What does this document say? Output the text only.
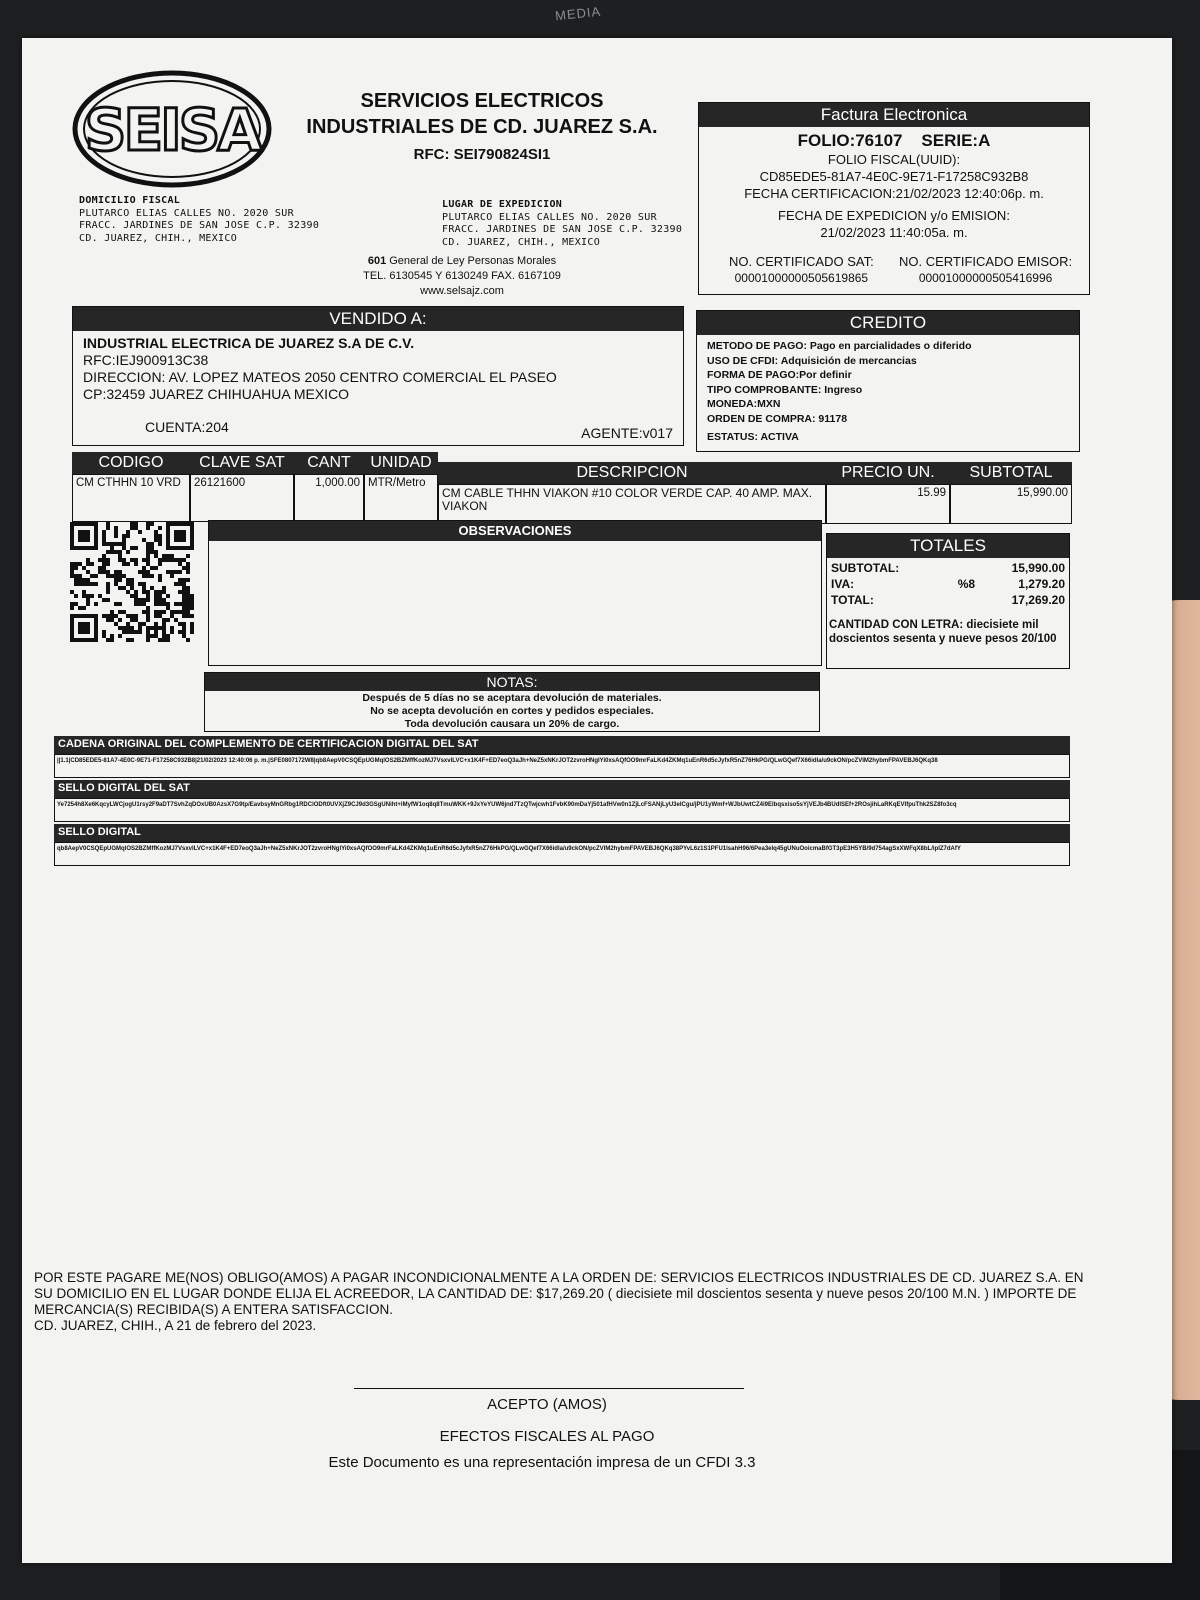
MEDIA
SEISA	SERVICIOS ELECTRICOS
INDUSTRIALES DE CD. JUAREZ S.A.
RFC: SEI790824SI1
DOMICILIO FISCAL
PLUTARCO ELIAS CALLES NO. 2020 SUR
FRACC. JARDINES DE SAN JOSE C.P. 32390
CD. JUAREZ, CHIH., MEXICO
LUGAR DE EXPEDICION
PLUTARCO ELIAS CALLES NO. 2020 SUR
FRACC. JARDINES DE SAN JOSE C.P. 32390
CD. JUAREZ, CHIH., MEXICO
601 General de Ley Personas Morales
TEL. 6130545 Y 6130249 FAX. 6167109
www.selsajz.com
Factura Electronica
FOLIO:76107 SERIE:A
FOLIO FISCAL(UUID):
CD85EDE5-81A7-4E0C-9E71-F17258C932B8
FECHA CERTIFICACION:21/02/2023 12:40:06p. m.
FECHA DE EXPEDICION y/o EMISION:
21/02/2023 11:40:05a. m.
NO. CERTIFICADO SAT:
00001000000505619865
NO. CERTIFICADO EMISOR:
00001000000505416996
VENDIDO A:
INDUSTRIAL ELECTRICA DE JUAREZ S.A DE C.V.
RFC:IEJ900913C38
DIRECCION: AV. LOPEZ MATEOS 2050 CENTRO COMERCIAL EL PASEO
CP:32459 JUAREZ CHIHUAHUA MEXICO
CUENTA:204	AGENTE:v017
CREDITO
METODO DE PAGO: Pago en parcialidades o diferido
USO DE CFDI: Adquisición de mercancias
FORMA DE PAGO:Por definir
TIPO COMPROBANTE: Ingreso
MONEDA:MXN
ORDEN DE COMPRA: 91178
ESTATUS: ACTIVA
CODIGO	CLAVE SAT	CANT	UNIDAD
DESCRIPCION	PRECIO UN.	SUBTOTAL
CM CTHHN 10 VRD	26121600	1,000.00 MTR/Metro
CM CABLE THHN VIAKON #10 COLOR VERDE CAP. 40 AMP. MAX. VIAKON
15.99	15,990.00
OBSERVACIONES
TOTALES
SUBTOTAL:		15,990.00
IVA:	%8	1,279.20
TOTAL:		17,269.20
CANTIDAD CON LETRA: diecisiete mil doscientos sesenta y nueve pesos 20/100
NOTAS:
Después de 5 días no se aceptara devolución de materiales.
No se acepta devolución en cortes y pedidos especiales.
Toda devolución causara un 20% de cargo.
CADENA ORIGINAL DEL COMPLEMENTO DE CERTIFICACION DIGITAL DEL SAT
||1.1|CD85EDE5-81A7-4E0C-9E71-F17258C932B8|21/02/2023 12:40:06 p. m.|SFE0807172W8|qb8AepV0CSQEpUGMqlOS2BZMffKozMJ7VsxvlLVC+x1K4F+ED7eoQ3aJh+NeZ5xNKrJOT2zvroHNglYi0xsAQfOO9mrFaLKd4ZKMq1uEnR6d5cJyfxR5nZ76HkPG/QLwGQef7X66idla/u9ckON/pcZVIM2hybmFPAVEBJ6QKq38
SELLO DIGITAL DEL SAT
Ye7254h8Xe6KqcyLWCjogU1rsy2F9aDT7SvhZqDOxUB0AzsX7G9tp/EavbsyMnGRbg1RDClODft0UVXjZ9CJ9d3GSgUNiht+lMyfW1oq8q8TmuWKK+9JxYeYUW6jnd7TzQTwjcwh1FvbK90mDaYj501afHVw0n1ZjLcFSANjLyU3eICgu/jPU1yWmf+WJbUwtCZ4i9Elbqsxiso5sYjVEJb4BUdlSEf+2ROsjihLaRKqEVIfpuThk2SZ8fo3cq
SELLO DIGITAL
qb8AepV0CSQEpUGMqlOS2BZMffKozMJ7VsxvlLVC+x1K4F+ED7eoQ3aJh+NeZ5xNKrJOT2zvroHNglYi0xsAQfOO9mrFaLKd4ZKMq1uEnR6d5cJyfxR5nZ76HkPG/QLwGQef7X66idla/u9ckON/pcZVIM2hybmFPAVEBJ6QKq38PYvL6z1S1PFU1lsahH96/6Pea3elq45gUNuOoicmaBfGT3pE3H5YB/9d754agSxXWFqX8bL/ipIZ7dAfY
POR ESTE PAGARE ME(NOS) OBLIGO(AMOS) A PAGAR INCONDICIONALMENTE A LA ORDEN DE: SERVICIOS ELECTRICOS INDUSTRIALES DE CD. JUAREZ S.A. EN SU DOMICILIO EN EL LUGAR DONDE ELIJA EL ACREEDOR, LA CANTIDAD DE: $17,269.20 ( diecisiete mil doscientos sesenta y nueve pesos 20/100 M.N. ) IMPORTE DE MERCANCIA(S) RECIBIDA(S) A ENTERA SATISFACCION.
CD. JUAREZ, CHIH., A 21 de febrero del 2023.
ACEPTO (AMOS)
EFECTOS FISCALES AL PAGO
Este Documento es una representación impresa de un CFDI 3.3
